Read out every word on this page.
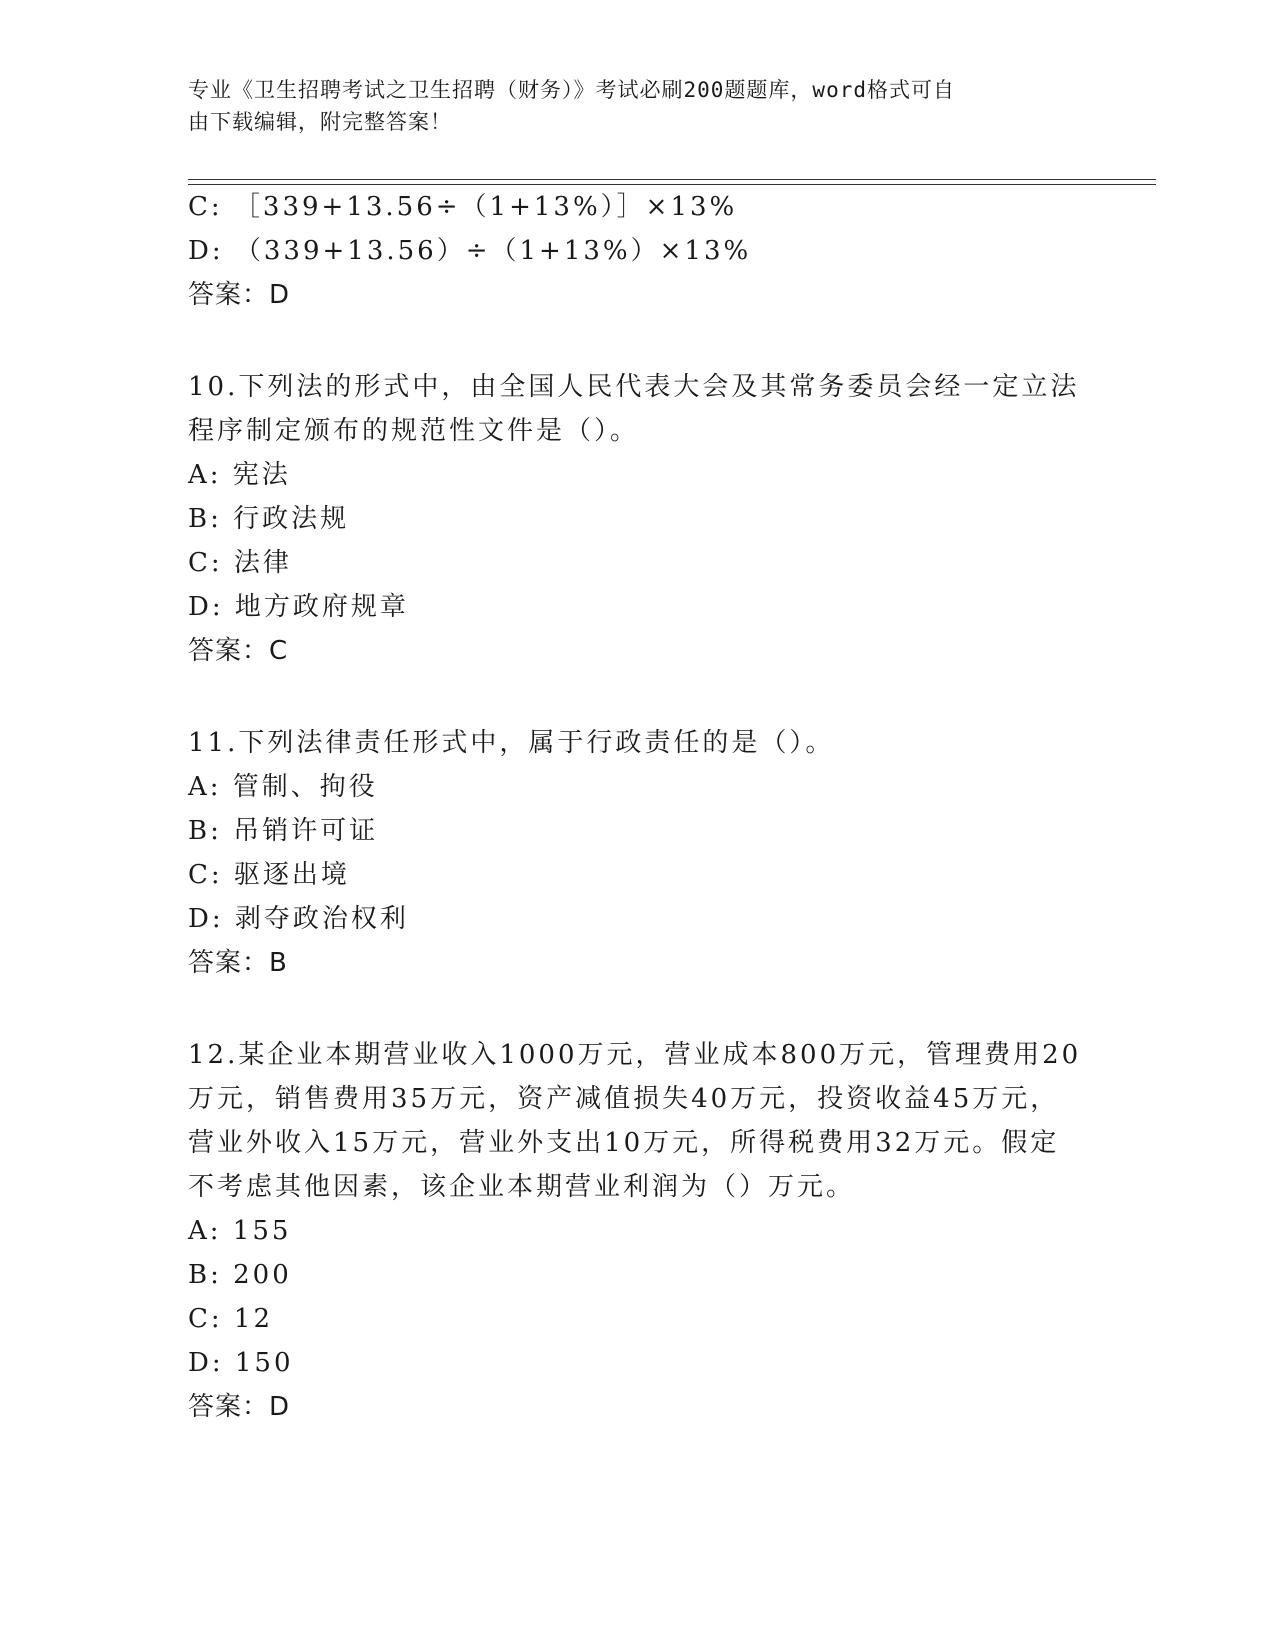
专业《卫生招聘考试之卫生招聘（财务）》考试必刷200题题库，word格式可自
由下载编辑，附完整答案！
C: ［339+13.56÷（1+13%）］×13%
D: （339+13.56）÷（1+13%）×13%
答案：D
10.下列法的形式中，由全国人民代表大会及其常务委员会经一定立法
程序制定颁布的规范性文件是（）。
A: 宪法
B: 行政法规
C: 法律
D: 地方政府规章
答案：C
11.下列法律责任形式中，属于行政责任的是（）。
A: 管制、拘役
B: 吊销许可证
C: 驱逐出境
D: 剥夺政治权利
答案：B
12.某企业本期营业收入1000万元，营业成本800万元，管理费用20
万元，销售费用35万元，资产减值损失40万元，投资收益45万元，
营业外收入15万元，营业外支出10万元，所得税费用32万元。假定
不考虑其他因素，该企业本期营业利润为（）万元。
A: 155
B: 200
C: 12
D: 150
答案：D
